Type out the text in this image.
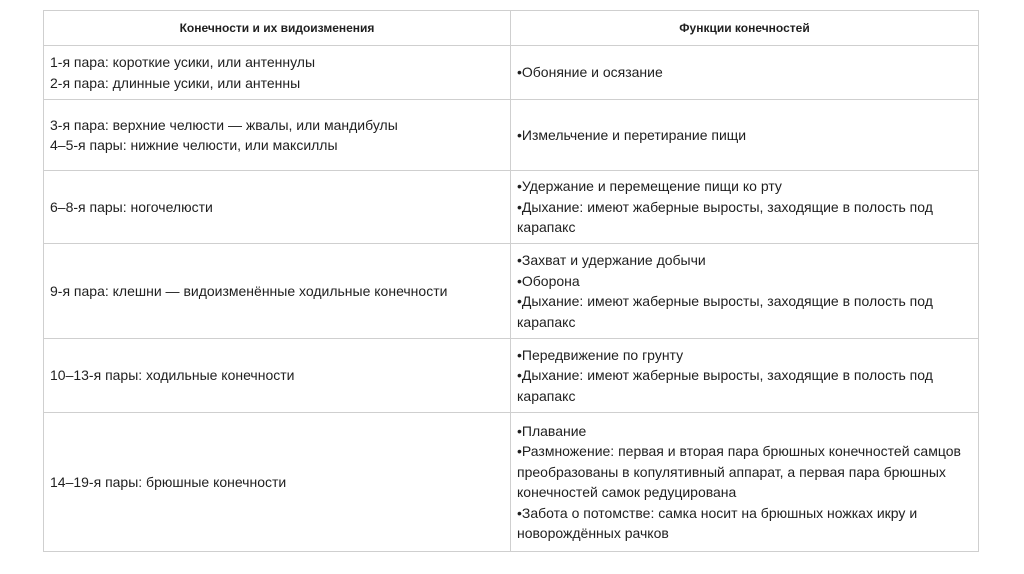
Конечности и их видоизменения	Функции конечностей

1-я пара: короткие усики, или антеннулы
2-я пара: длинные усики, или антенны	•Обоняние и осязание

3-я пара: верхние челюсти — жвалы, или мандибулы
4–5-я пары: нижние челюсти, или максиллы	•Измельчение и перетирание пищи

6–8-я пары: ногочелюсти	•Удержание и перемещение пищи ко рту
•Дыхание: имеют жаберные выросты, заходящие в полость под карапакс

9-я пара: клешни — видоизменённые ходильные конечности	•Захват и удержание добычи
•Оборона
•Дыхание: имеют жаберные выросты, заходящие в полость под карапакс

10–13-я пары: ходильные конечности	•Передвижение по грунту
•Дыхание: имеют жаберные выросты, заходящие в полость под карапакс

14–19-я пары: брюшные конечности	•Плавание
•Размножение: первая и вторая пара брюшных конечностей самцов преобразованы в копулятивный аппарат, а первая пара брюшных конечностей самок редуцирована
•Забота о потомстве: самка носит на брюшных ножках икру и новорождённых рачков
